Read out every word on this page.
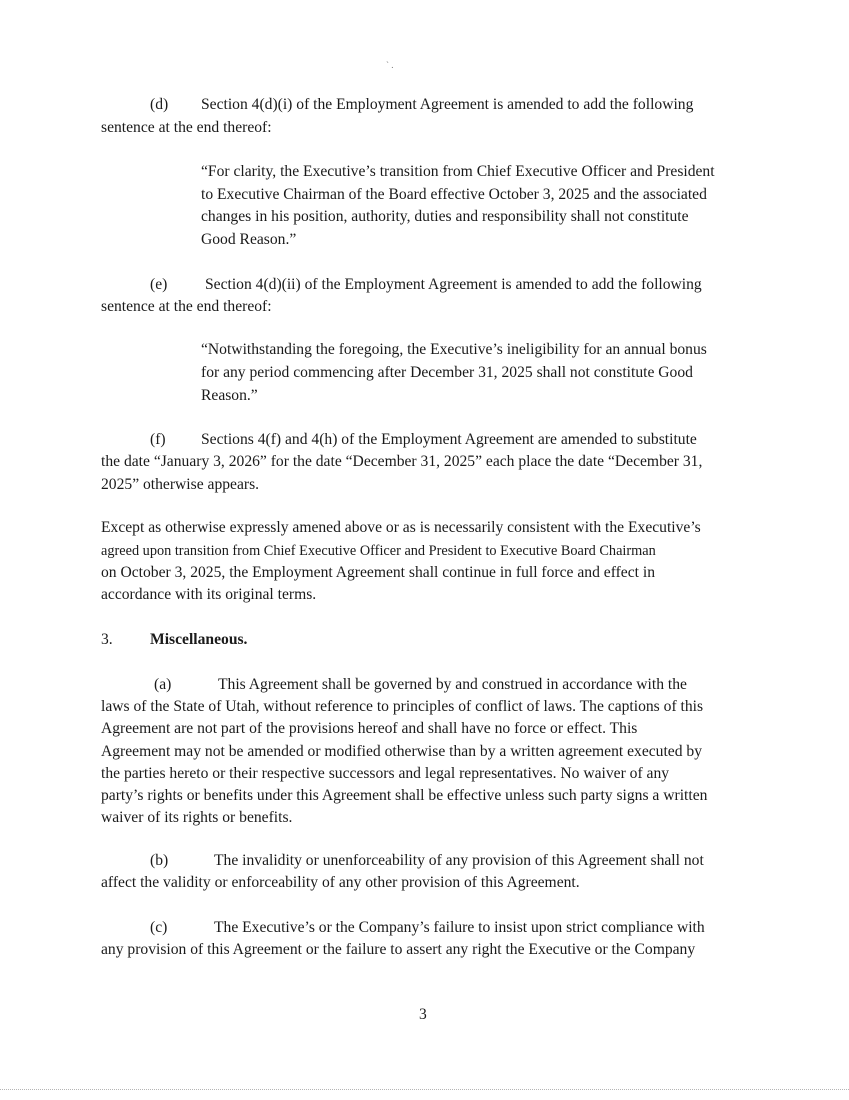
` .
(d) Section 4(d)(i) of the Employment Agreement is amended to add the following
sentence at the end thereof:
“For clarity, the Executive’s transition from Chief Executive Officer and President
to Executive Chairman of the Board effective October 3, 2025 and the associated
changes in his position, authority, duties and responsibility shall not constitute
Good Reason.”
(e) Section 4(d)(ii) of the Employment Agreement is amended to add the following
sentence at the end thereof:
“Notwithstanding the foregoing, the Executive’s ineligibility for an annual bonus
for any period commencing after December 31, 2025 shall not constitute Good
Reason.”
(f) Sections 4(f) and 4(h) of the Employment Agreement are amended to substitute
the date “January 3, 2026” for the date “December 31, 2025” each place the date “December 31,
2025” otherwise appears.
Except as otherwise expressly amened above or as is necessarily consistent with the Executive’s
agreed upon transition from Chief Executive Officer and President to Executive Board Chairman
on October 3, 2025, the Employment Agreement shall continue in full force and effect in
accordance with its original terms.
3. Miscellaneous.
(a)	This Agreement shall be governed by and construed in accordance with the
laws of the State of Utah, without reference to principles of conflict of laws. The captions of this
Agreement are not part of the provisions hereof and shall have no force or effect. This
Agreement may not be amended or modified otherwise than by a written agreement executed by
the parties hereto or their respective successors and legal representatives. No waiver of any
party’s rights or benefits under this Agreement shall be effective unless such party signs a written
waiver of its rights or benefits.
(b)	The invalidity or unenforceability of any provision of this Agreement shall not
affect the validity or enforceability of any other provision of this Agreement.
(c)	The Executive’s or the Company’s failure to insist upon strict compliance with
any provision of this Agreement or the failure to assert any right the Executive or the Company
3
